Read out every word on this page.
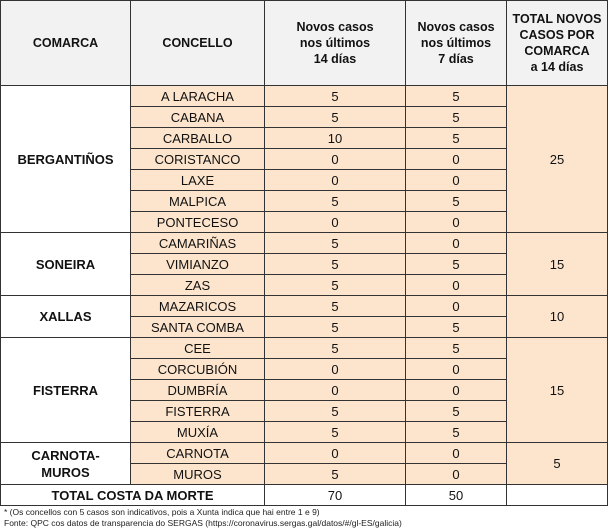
COMARCA	CONCELLO	Novos casos
nos últimos
14 días	Novos casos
nos últimos
7 días	TOTAL NOVOS
CASOS POR
COMARCA
a 14 días
BERGANTIÑOS	A LARACHA	5	5	25
	CABANA	5	5	
	CARBALLO	10	5	
	CORISTANCO	0	0	
	LAXE	0	0	
	MALPICA	5	5	
	PONTECESO	0	0	
SONEIRA	CAMARIÑAS	5	0	15
	VIMIANZO	5	5	
	ZAS	5	0	
XALLAS	MAZARICOS	5	0	10
	SANTA COMBA	5	5	
FISTERRA	CEE	5	5	15
	CORCUBIÓN	0	0	
	DUMBRÍA	0	0	
	FISTERRA	5	5	
	MUXÍA	5	5	
CARNOTA-
MUROS	CARNOTA	0	0	5
	MUROS	5	0	
TOTAL COSTA DA MORTE		70	50	
* (Os concellos con 5 casos son indicativos, pois a Xunta indica que hai entre 1 e 9)
Fonte: QPC cos datos de transparencia do SERGAS (https://coronavirus.sergas.gal/datos/#/gl-ES/galicia)
